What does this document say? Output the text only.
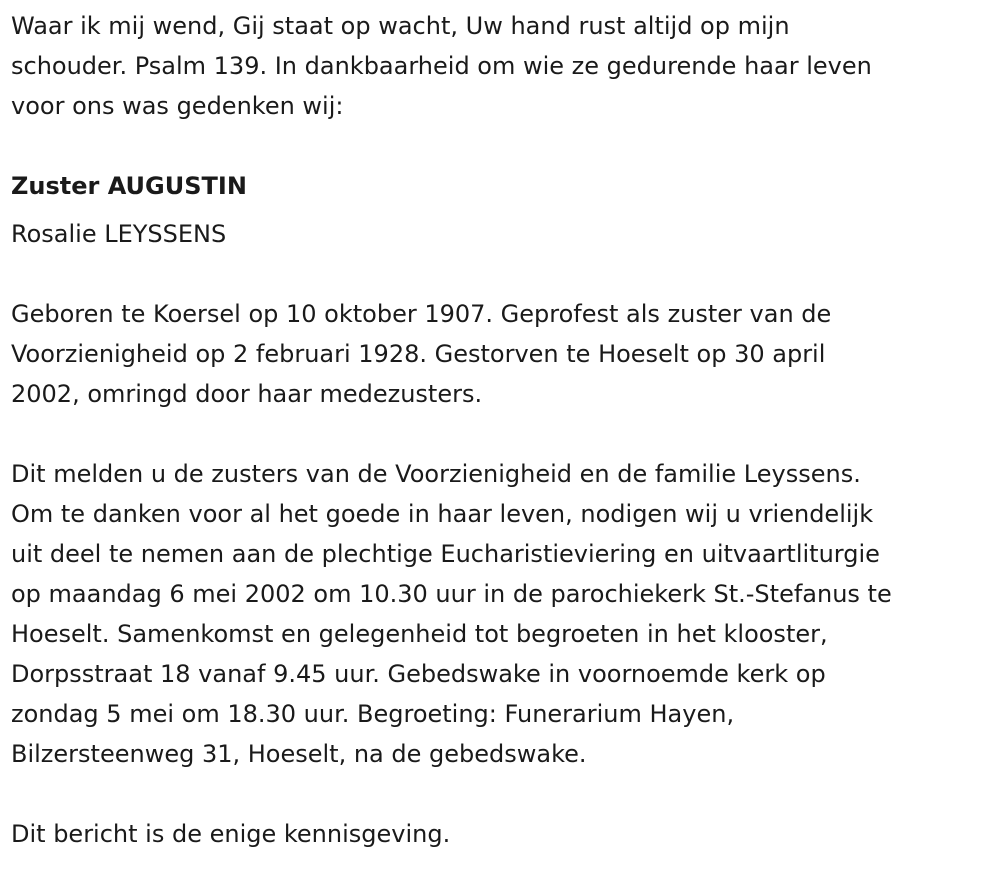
Waar ik mij wend, Gij staat op wacht, Uw hand rust altijd op mijn
schouder. Psalm 139. In dankbaarheid om wie ze gedurende haar leven
voor ons was gedenken wij:
Zuster AUGUSTIN
Rosalie LEYSSENS
Geboren te Koersel op 10 oktober 1907. Geprofest als zuster van de
Voorzienigheid op 2 februari 1928. Gestorven te Hoeselt op 30 april
2002, omringd door haar medezusters.
Dit melden u de zusters van de Voorzienigheid en de familie Leyssens.
Om te danken voor al het goede in haar leven, nodigen wij u vriendelijk
uit deel te nemen aan de plechtige Eucharistieviering en uitvaartliturgie
op maandag 6 mei 2002 om 10.30 uur in de parochiekerk St.-Stefanus te
Hoeselt. Samenkomst en gelegenheid tot begroeten in het klooster,
Dorpsstraat 18 vanaf 9.45 uur. Gebedswake in voornoemde kerk op
zondag 5 mei om 18.30 uur. Begroeting: Funerarium Hayen,
Bilzersteenweg 31, Hoeselt, na de gebedswake.
Dit bericht is de enige kennisgeving.
